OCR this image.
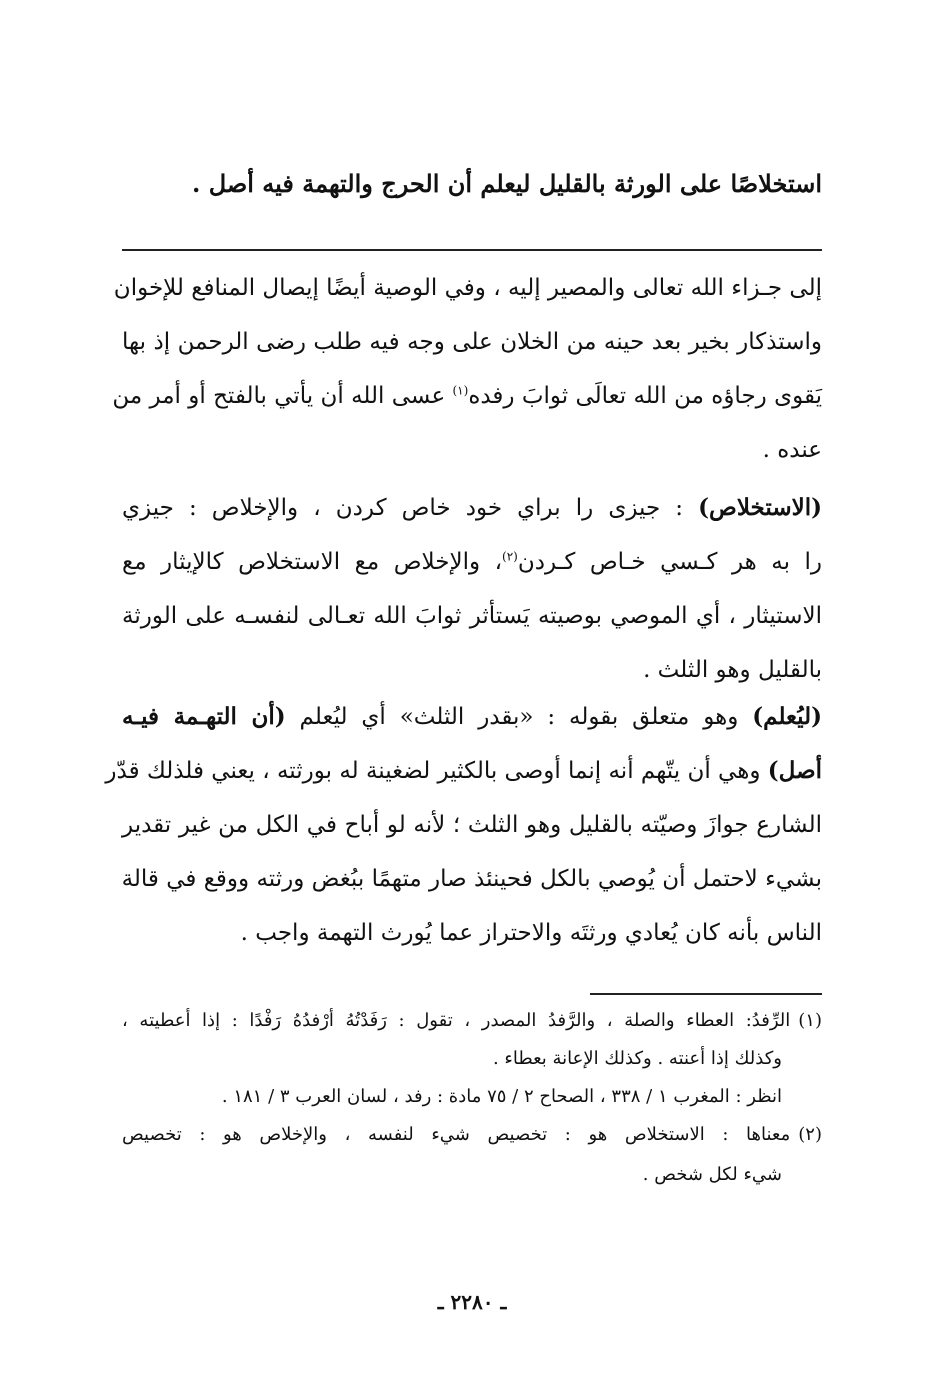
استخلاصًا على الورثة بالقليل ليعلم أن الحرج والتهمة فيه أصل .

إلى جـزاء الله تعالى والمصير إليه ، وفي الوصية أيضًا إيصال المنافع للإخوان

واستذكار بخير بعد حينه من الخلان على وجه فيه طلب رضى الرحمن إذ بها

يَقوى رجاؤه من الله تعالَى ثوابَ رفده$^{(١)}$ عسى الله أن يأتي بالفتح أو أمر من

عنده .

(الاستخلاص) : جيزى را براي خود خاص كردن ، والإخلاص : جيزي

را به هر كـسي خـاص كـردن$^{(٢)}$، والإخلاص مع الاستخلاص كالإيثار مع

الاستيثار ، أي الموصي بوصيته يَستأثر ثوابَ الله تعـالى لنفسـه على الورثة

بالقليل وهو الثلث .

(ليُعلم) وهو متعلق بقوله : «بقدر الثلث» أي ليُعلم (أن التهـمة فيـه

أصل) وهي أن يتّهم أنه إنما أوصى بالكثير لضغينة له بورثته ، يعني فلذلك قدّر

الشارع جوازَ وصيّته بالقليل وهو الثلث ؛ لأنه لو أباح في الكل من غير تقدير

بشيء لاحتمل أن يُوصي بالكل فحينئذ صار متهمًا ببُغض ورثته ووقع في قالة

الناس بأنه كان يُعادي ورثتَه والاحتراز عما يُورث التهمة واجب .

(١)الرِّفدُ: العطاء والصلة ، والرَّفدُ المصدر ، تقول : رَفَدْتُهُ أرْفدُهُ رَفْدًا : إذا أعطيته ،

وكذلك إذا أعنته . وكذلك الإعانة بعطاء .

انظر : المغرب ١ / ٣٣٨ ، الصحاح ٢ / ٧٥ مادة : رفد ، لسان العرب ٣ / ١٨١ .

(٢)معناها : الاستخلاص هو : تخصيص شيء لنفسه ، والإخلاص هو : تخصيص

شيء لكل شخص .

ـ ٢٢٨٠ ـ
